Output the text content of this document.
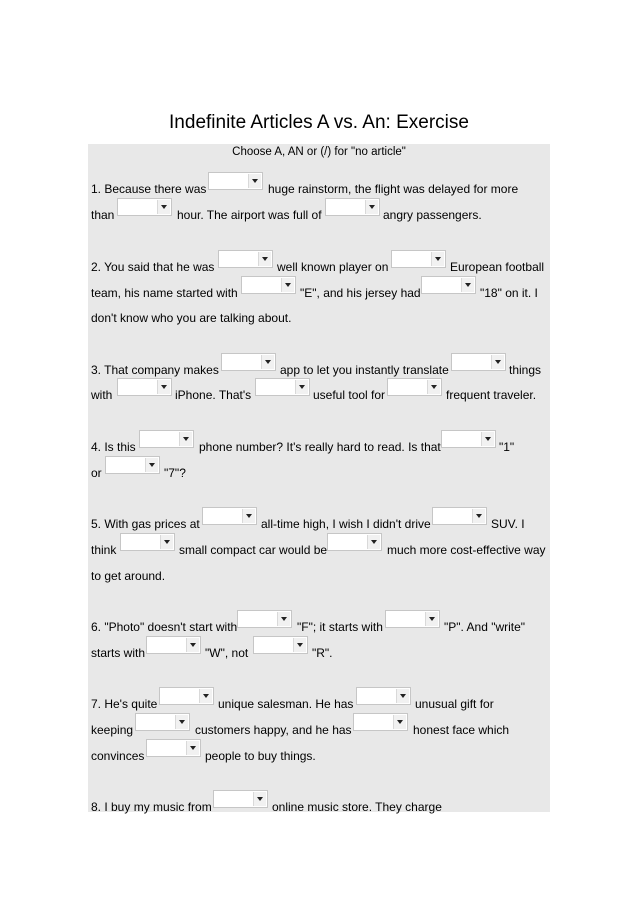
Indefinite Articles A vs. An: Exercise
Choose A, AN or (/) for "no article"
1. Because there was	huge rainstorm, the flight was delayed for more
than	hour. The airport was full of	angry passengers.
2. You said that he was	well known player on	European football
team, his name started with	"E", and his jersey had	"18" on it. I
don't know who you are talking about.
3. That company makes	app to let you instantly translate	things
with	iPhone. That's	useful tool for	frequent traveler.
4. Is this	phone number? It's really hard to read. Is that	"1"
or	"7"?
5. With gas prices at	all-time high, I wish I didn't drive	SUV. I
think	small compact car would be	much more cost-effective way
to get around.
6. "Photo" doesn't start with	"F"; it starts with	"P". And "write"
starts with	"W", not	"R".
7. He's quite	unique salesman. He has	unusual gift for
keeping	customers happy, and he has	honest face which
convinces	people to buy things.
8. I buy my music from	online music store. They charge
